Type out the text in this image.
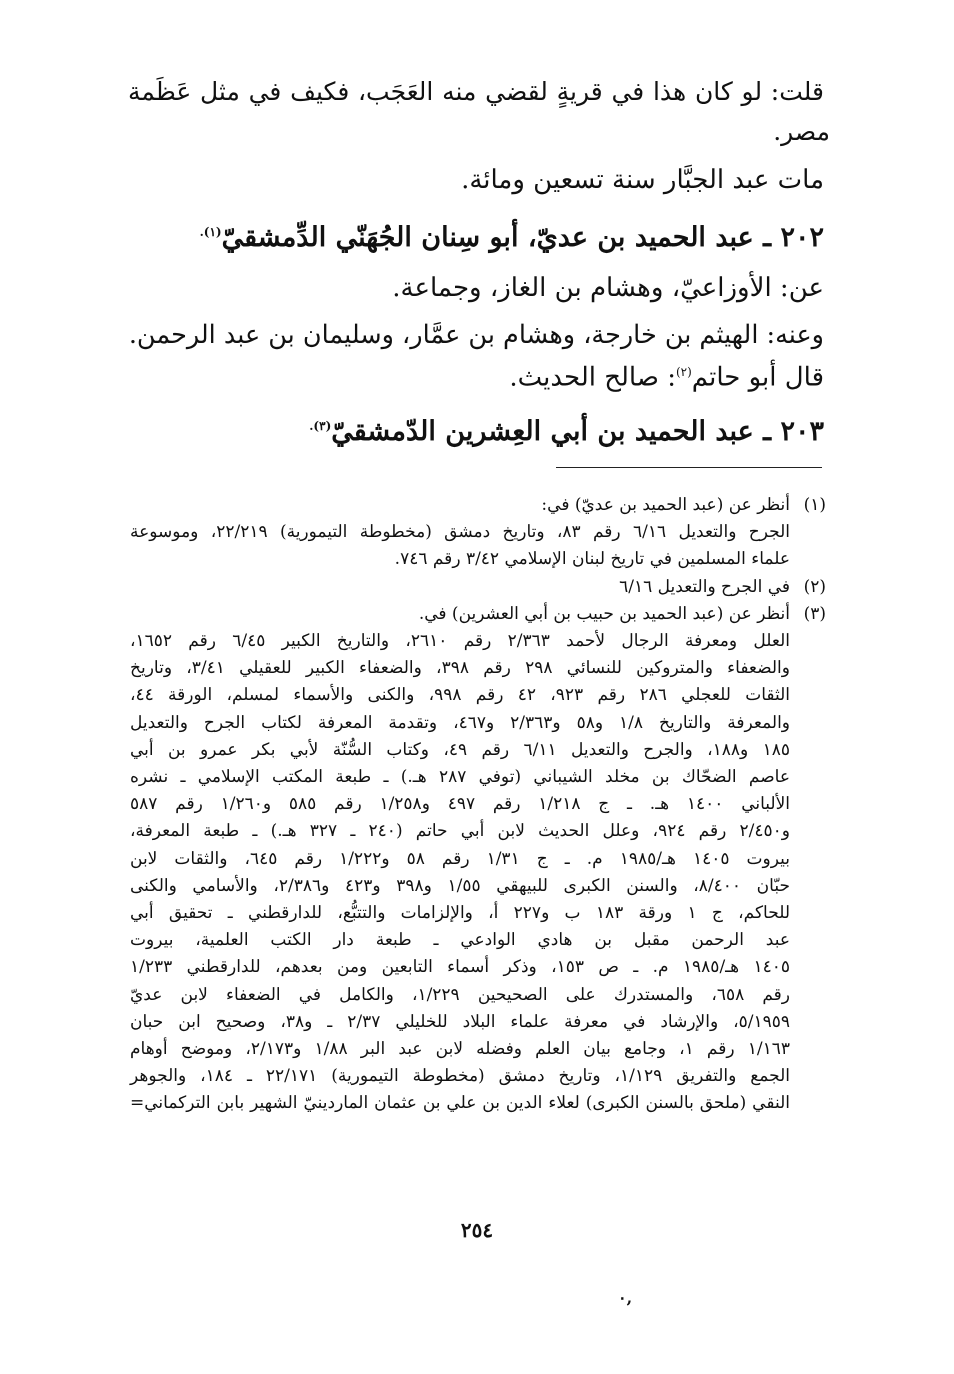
قلت: لو كان هذا في قريةٍ لقضي منه العَجَب، فكيف في مثل عَظَمة
مصر.
مات عبد الجبَّار سنة تسعين ومائة.
٢٠٢ ـ عبد الحميد بن عديّ، أبو سِنان الجُهَنّي الدِّمشقيّ$^{(١).}$
عن: الأوزاعيّ، وهشام بن الغاز، وجماعة.
وعنه: الهيثم بن خارجة، وهشام بن عمَّار، وسليمان بن عبد الرحمن.
قال أبو حاتم$^{(٢)}$: صالح الحديث.
٢٠٣ ـ عبد الحميد بن أبي العِشرين الدّمشقيّ$^{(٣).}$
(١)
أنظر عن (عبد الحميد بن عديّ) في:
الجرح والتعديل ٦/١٦ رقم ٨٣، وتاريخ دمشق (مخطوطة التيمورية) ٢٢/٢١٩، وموسوعة
علماء المسلمين في تاريخ لبنان الإسلامي ٣/٤٢ رقم ٧٤٦.
(٢)
في الجرح والتعديل ٦/١٦
(٣)
أنظر عن (عبد الحميد بن حبيب بن أبي العشرين) في.
العلل ومعرفة الرجال لأحمد ٢/٣٦٣ رقم ٢٦١٠، والتاريخ الكبير ٦/٤٥ رقم ١٦٥٢،
والضعفاء والمتروكين للنسائي ٢٩٨ رقم ٣٩٨، والضعفاء الكبير للعقيلي ٣/٤١، وتاريخ
الثقات للعجلي ٢٨٦ رقم ٩٢٣، ٤٢ رقم ٩٩٨، والكنى والأسماء لمسلم، الورقة ٤٤،
والمعرفة والتاريخ ١/٨ و٥٨ و٢/٣٦٣ و٤٦٧، وتقدمة المعرفة لكتاب الجرح والتعديل
١٨٥ و١٨٨، والجرح والتعديل ٦/١١ رقم ٤٩، وكتاب السُّنّة لأبي بكر عمرو بن أبي
عاصم الضحّاك بن مخلد الشيباني (توفي ٢٨٧ هـ.) ـ طبعة المكتب الإسلامي ـ نشره
الألباني ١٤٠٠ هـ. ـ ج ١/٢١٨ رقم ٤٩٧ و١/٢٥٨ رقم ٥٨٥ و١/٢٦٠ رقم ٥٨٧
و٢/٤٥٠ رقم ٩٢٤، وعلل الحديث لابن أبي حاتم (٢٤٠ ـ ٣٢٧ هـ.) ـ طبعة المعرفة،
بيروت ١٤٠٥ هـ/١٩٨٥ م. ـ ج ١/٣١ رقم ٥٨ و١/٢٢٢ رقم ٦٤٥، والثقات لابن
حبّان ٨/٤٠٠، والسنن الكبرى للبيهقي ١/٥٥ و٣٩٨ و٤٢٣ و٢/٣٨٦، والأسامي والكنى
للحاكم، ج ١ ورقة ١٨٣ ب و٢٢٧ أ، والإلزامات والتتبُّع، للدارقطني ـ تحقيق أبي
عبد الرحمن مقبل بن هادي الوادعي ـ طبعة دار الكتب العلمية، بيروت
١٤٠٥ هـ/١٩٨٥ م. ـ ص ١٥٣، وذكر أسماء التابعين ومن بعدهم، للدارقطني ١/٢٣٣
رقم ٦٥٨، والمستدرك على الصحيحين ١/٢٢٩، والكامل في الضعفاء لابن عديّ
٥/١٩٥٩، والإرشاد في معرفة علماء البلاد للخليلي ٢/٣٧ ـ و٣٨، وصحيح ابن حبان
١/١٦٣ رقم ١، وجامع بيان العلم وفضله لابن عبد البر ١/٨٨ و٢/١٧٣، وموضح أوهام
الجمع والتفريق ١/١٢٩، وتاريخ دمشق (مخطوطة التيمورية) ٢٢/١٧١ ـ ١٨٤، والجوهر
النقي (ملحق بالسنن الكبرى) لعلاء الدين بن علي بن عثمان الماردينيّ الشهير بابن التركماني=
٢٥٤
٠,
